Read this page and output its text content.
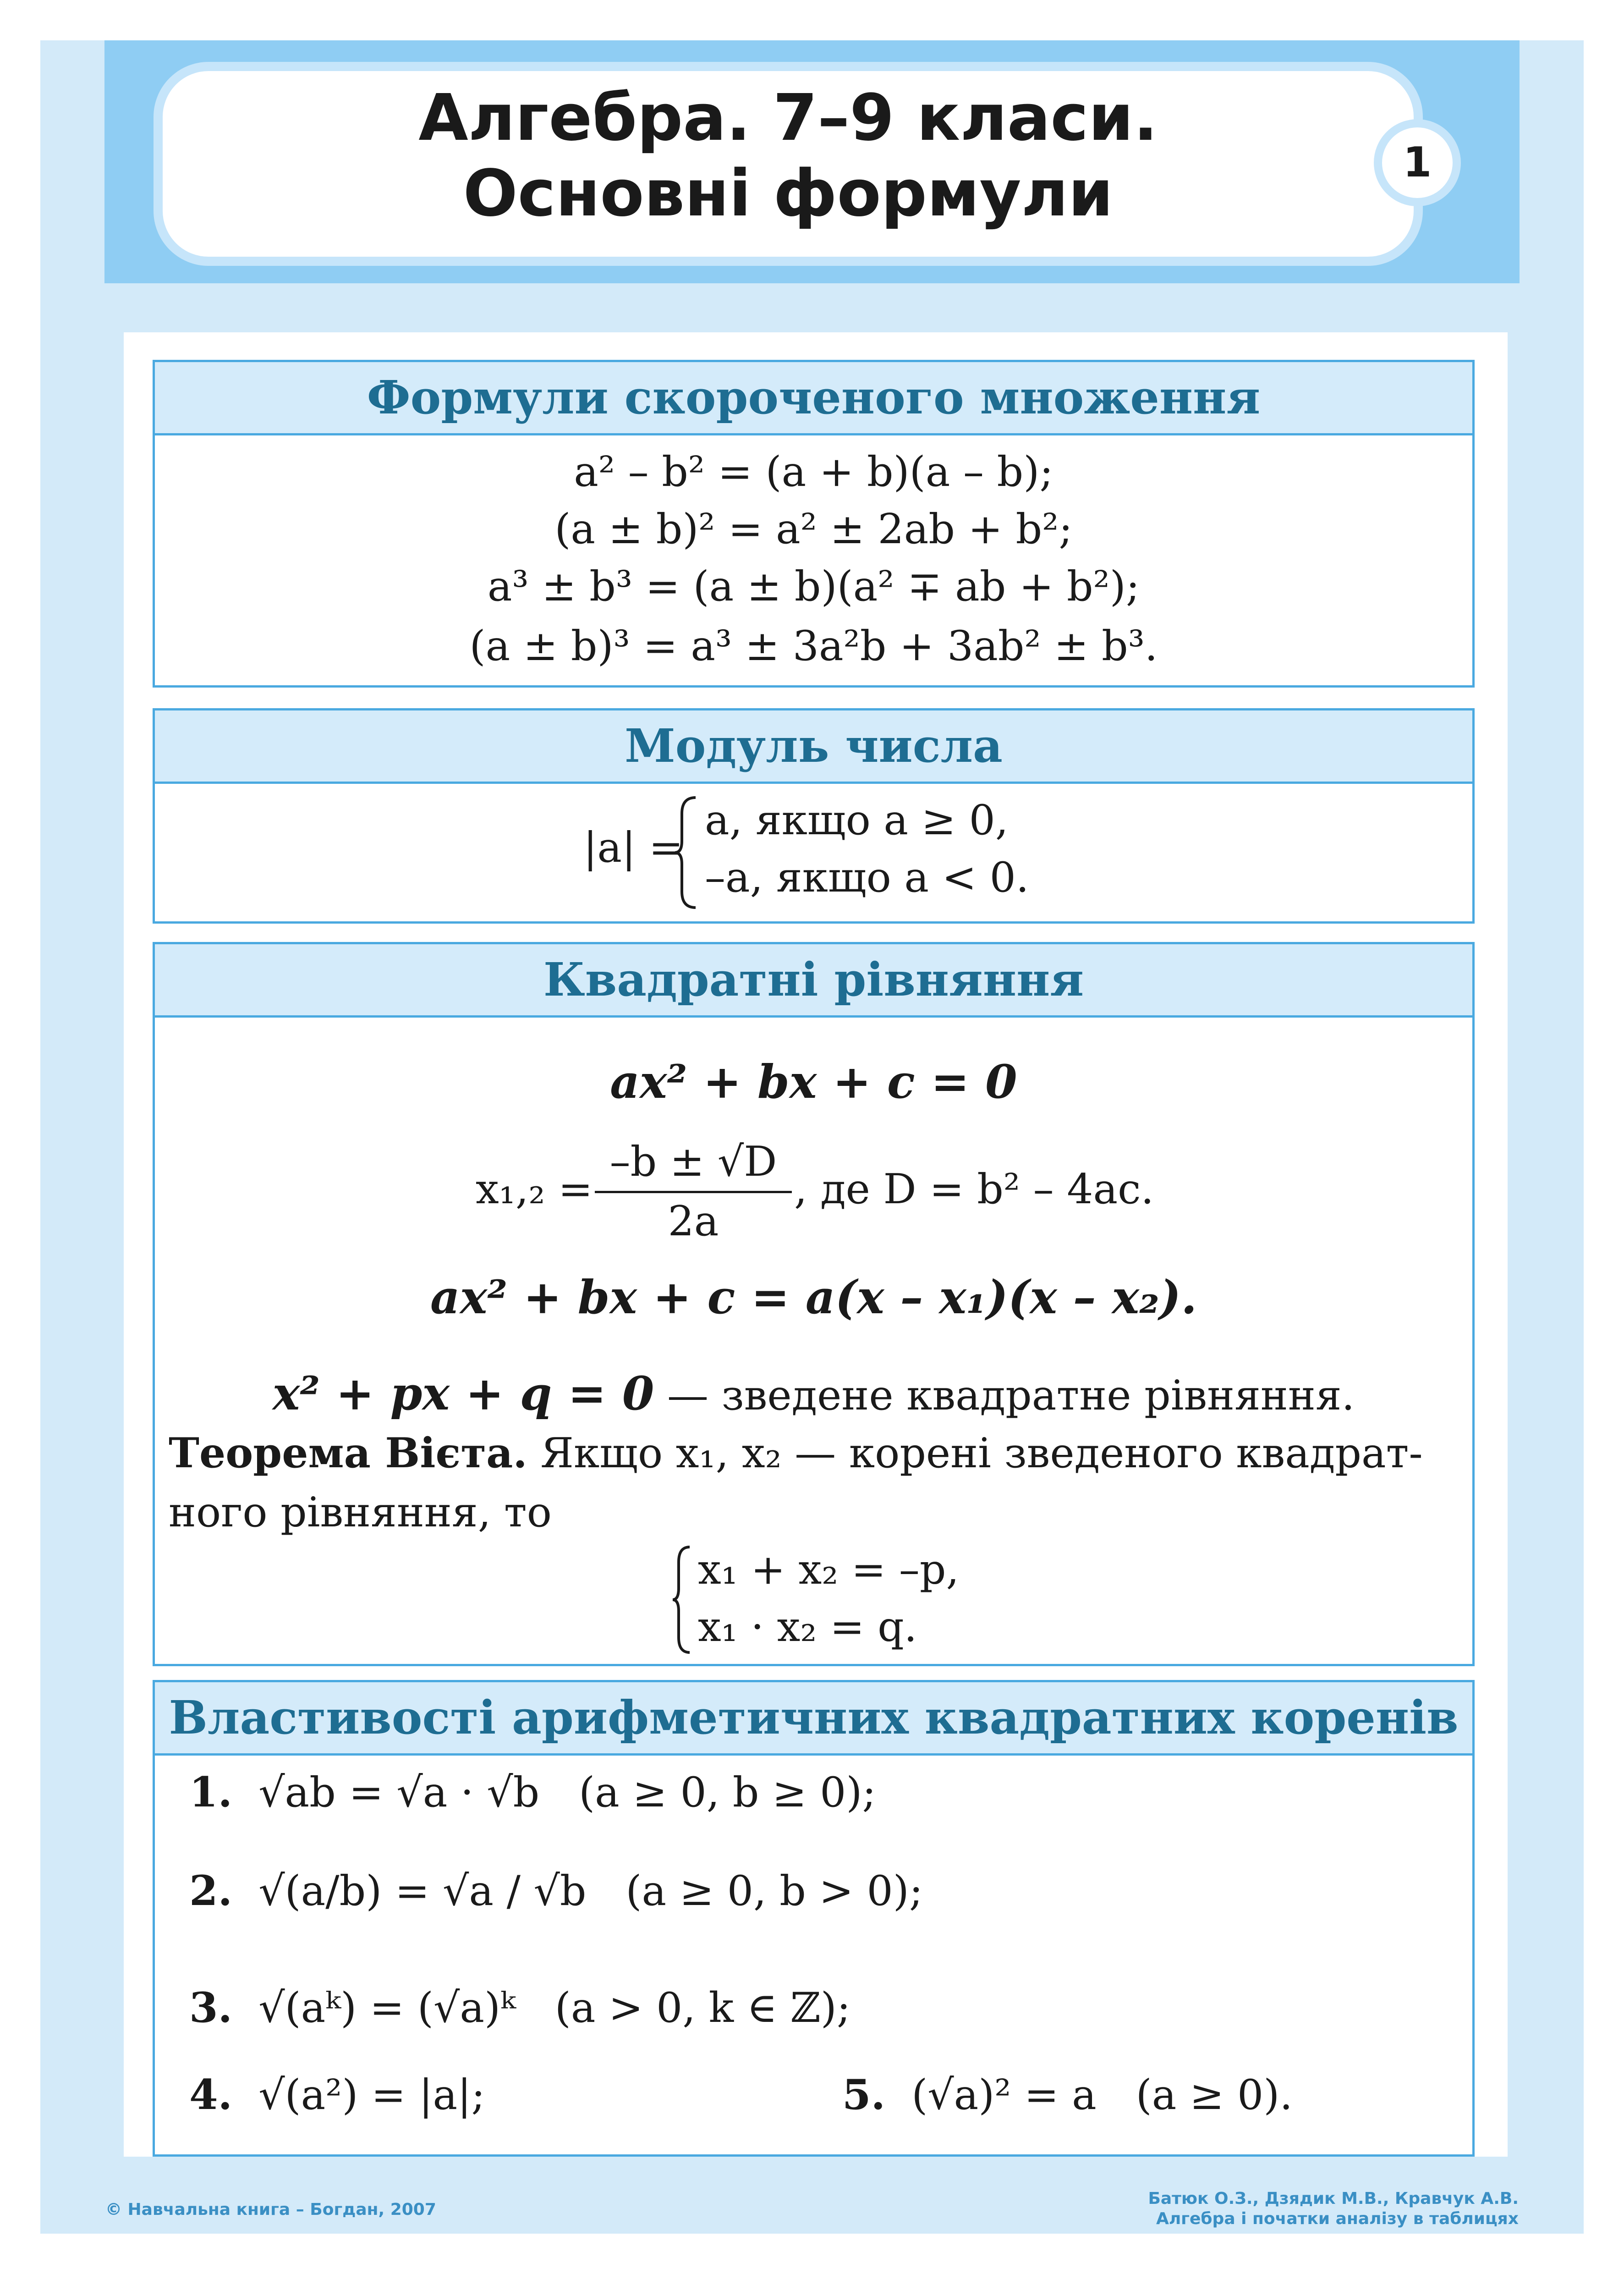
Алгебра. 7–9 класи.
Основні формули	1
Формули скороченого множення
a² – b² = (a + b)(a – b);
(a ± b)² = a² ± 2ab + b²;
a³ ± b³ = (a ± b)(a² ∓ ab + b²);
(a ± b)³ = a³ ± 3a²b + 3ab² ± b³.
Модуль числа
|a| =
a, якщо a ≥ 0,
–a, якщо a < 0.
Квадратні рівняння
ax² + bx + c = 0
x₁,₂ =
–b ± √D
2a
, де D = b² – 4ac.
ax² + bx + c = a(x – x₁)(x – x₂).
x² + px + q = 0 — зведене квадратне рівняння.
Теорема Вієта. Якщо x₁, x₂ — корені зведеного квадрат-
ного рівняння, то
x₁ + x₂ = –p,
x₁ · x₂ = q.
Властивості арифметичних квадратних коренів
1. √ab = √a · √b (a ≥ 0, b ≥ 0);
2. √(a/b) = √a / √b (a ≥ 0, b > 0);
3. √(aᵏ) = (√a)ᵏ (a > 0, k ∈ ℤ);
4. √(a²) = |a|;	5. (√a)² = a (a ≥ 0).
© Навчальна книга – Богдан, 2007
Батюк О.З., Дзядик М.В., Кравчук А.В.
Алгебра і початки аналізу в таблицях
